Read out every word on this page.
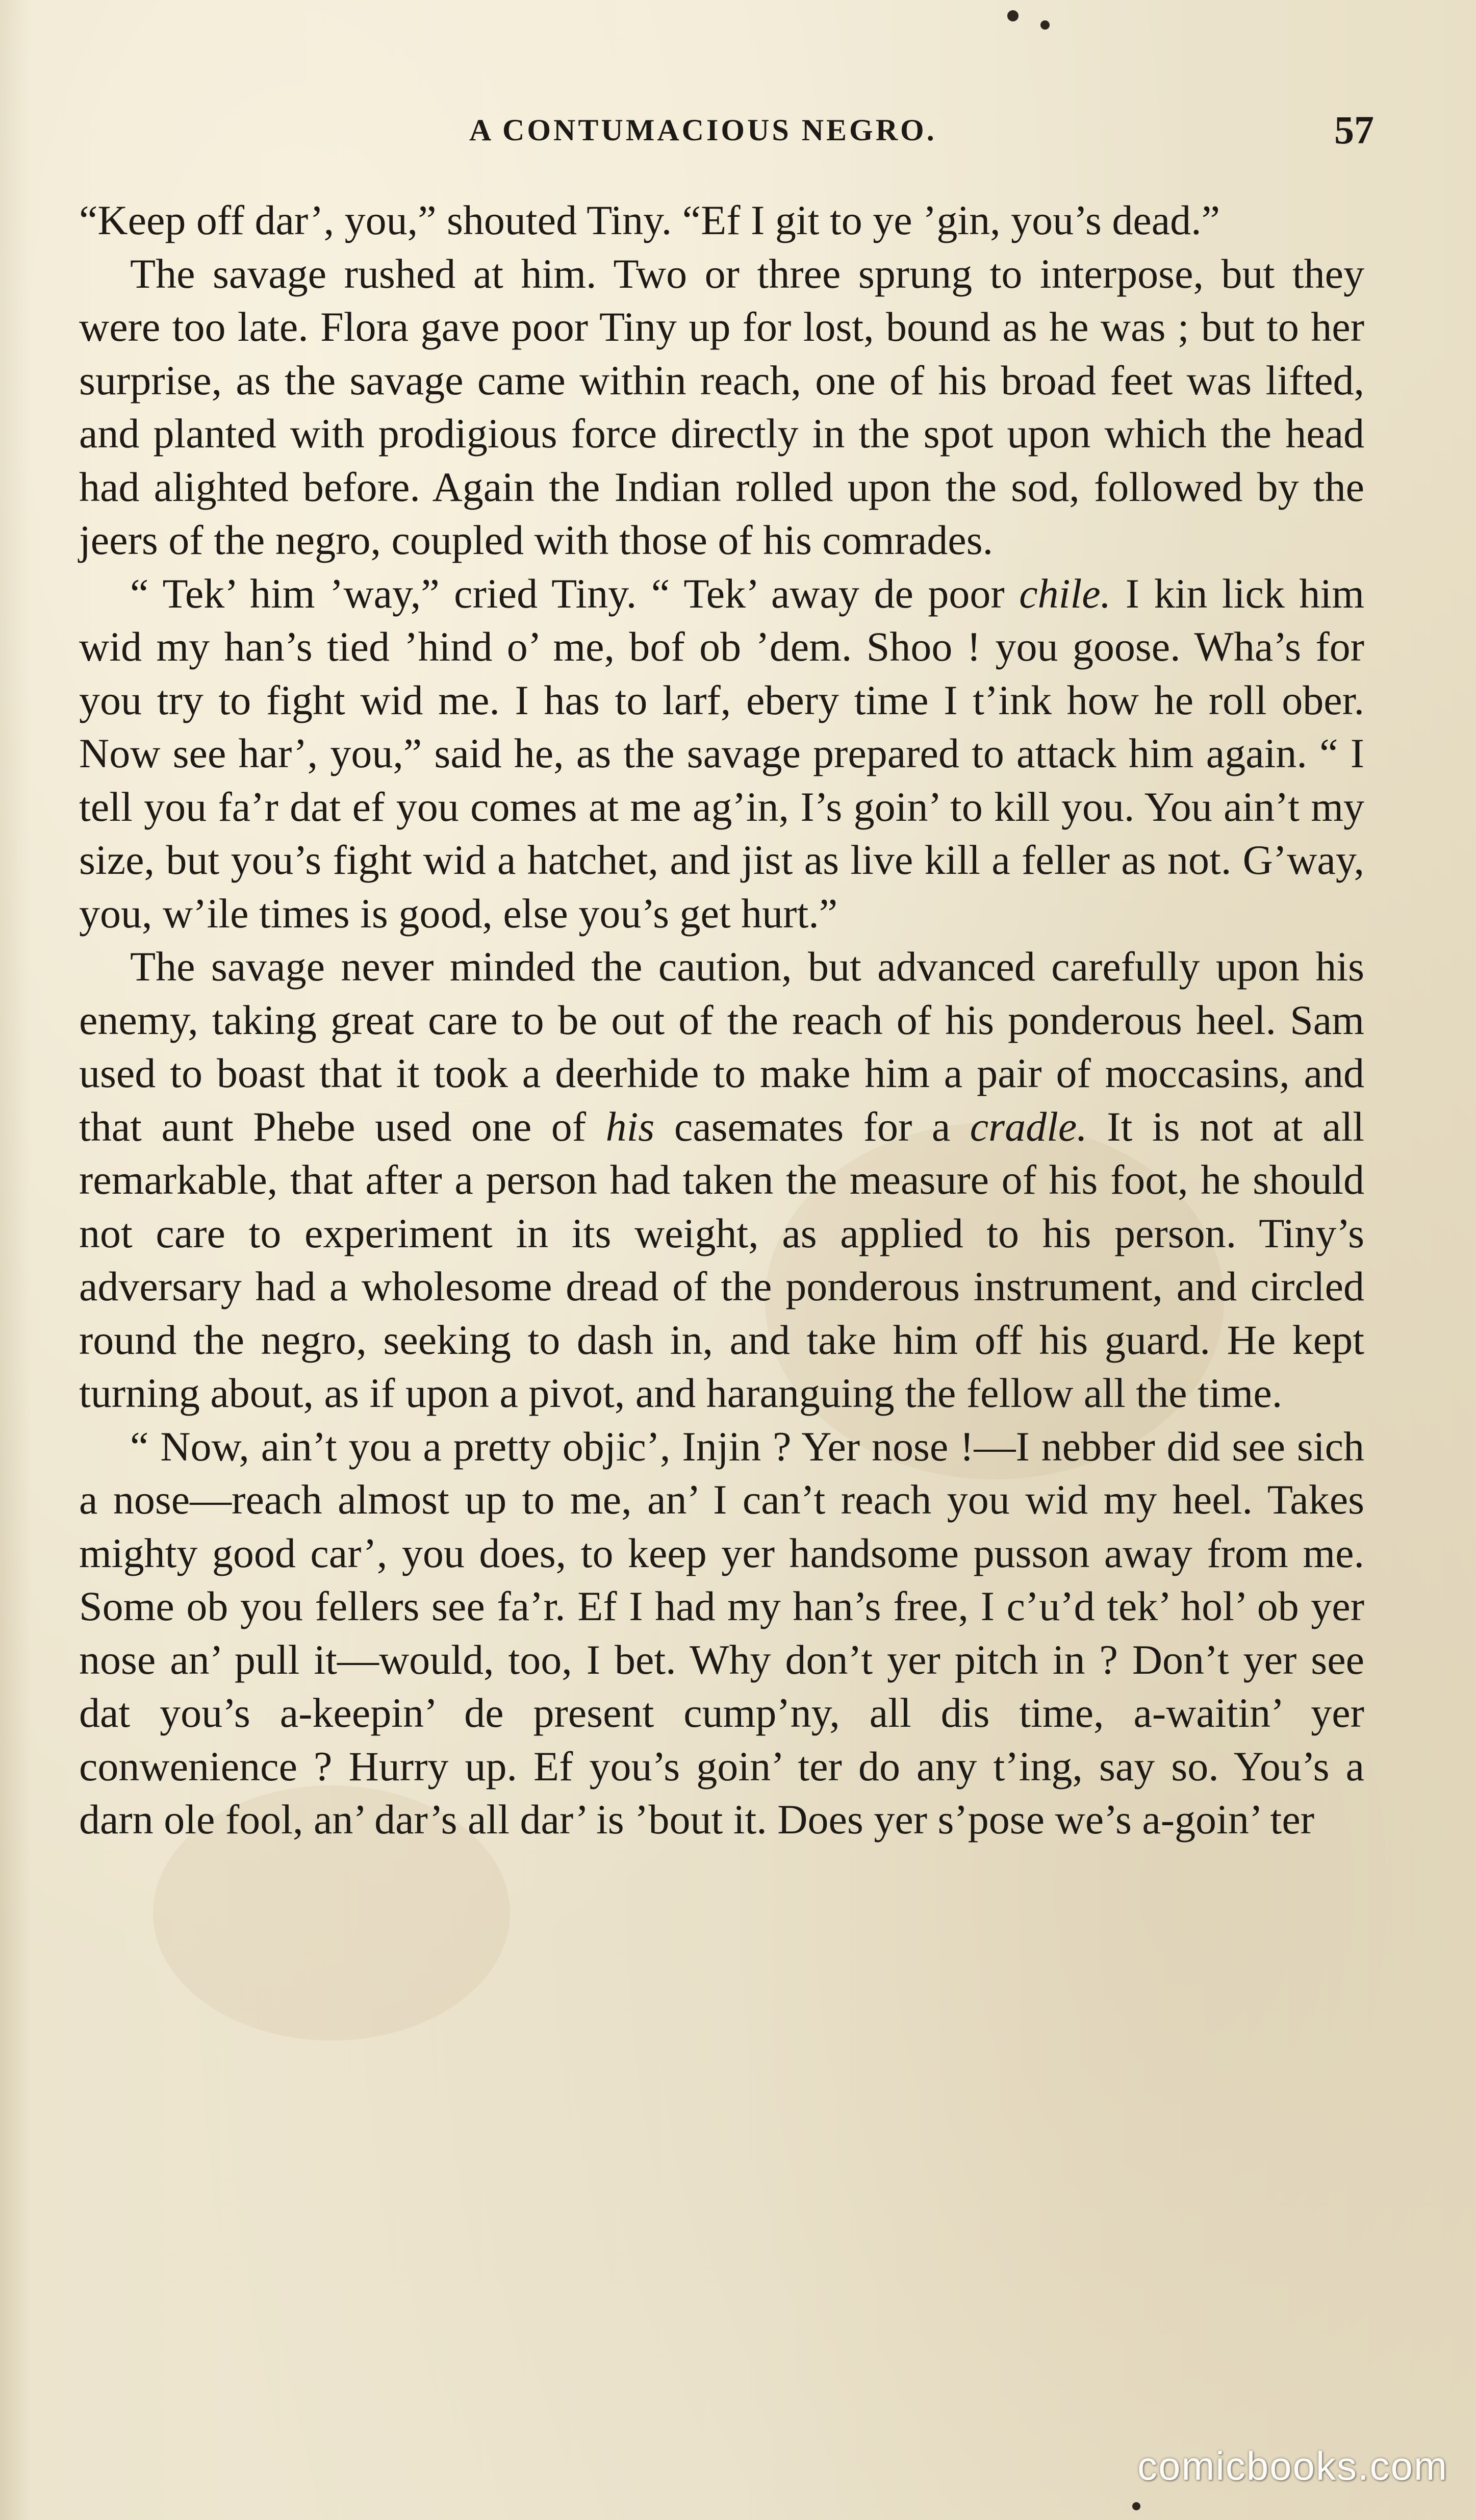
A CONTUMACIOUS NEGRO.	57

“Keep off dar’, you,” shouted Tiny. “Ef I git to ye ’gin, you’s dead.”

The savage rushed at him. Two or three sprung to interpose, but they were too late. Flora gave poor Tiny up for lost, bound as he was ; but to her surprise, as the savage came within reach, one of his broad feet was lifted, and planted with prodigious force directly in the spot upon which the head had alighted before. Again the Indian rolled upon the sod, followed by the jeers of the negro, coupled with those of his comrades.

“ Tek’ him ’way,” cried Tiny. “ Tek’ away de poor chile. I kin lick him wid my han’s tied ’hind o’ me, bof ob ’dem. Shoo ! you goose. Wha’s for you try to fight wid me. I has to larf, ebery time I t’ink how he roll ober. Now see har’, you,” said he, as the savage prepared to attack him again. “ I tell you fa’r dat ef you comes at me ag’in, I’s goin’ to kill you. You ain’t my size, but you’s fight wid a hatchet, and jist as live kill a feller as not. G’way, you, w’ile times is good, else you’s get hurt.”

The savage never minded the caution, but advanced carefully upon his enemy, taking great care to be out of the reach of his ponderous heel. Sam used to boast that it took a deerhide to make him a pair of moccasins, and that aunt Phebe used one of his casemates for a cradle. It is not at all remarkable, that after a person had taken the measure of his foot, he should not care to experiment in its weight, as applied to his person. Tiny’s adversary had a wholesome dread of the ponderous instrument, and circled round the negro, seeking to dash in, and take him off his guard. He kept turning about, as if upon a pivot, and haranguing the fellow all the time.

“ Now, ain’t you a pretty objic’, Injin ? Yer nose !—I nebber did see sich a nose—reach almost up to me, an’ I can’t reach you wid my heel. Takes mighty good car’, you does, to keep yer handsome pusson away from me. Some ob you fellers see fa’r. Ef I had my han’s free, I c’u’d tek’ hol’ ob yer nose an’ pull it—would, too, I bet. Why don’t yer pitch in ? Don’t yer see dat you’s a-keepin’ de present cump’ny, all dis time, a-waitin’ yer conwenience ? Hurry up. Ef you’s goin’ ter do any t’ing, say so. You’s a darn ole fool, an’ dar’s all dar’ is ’bout it. Does yer s’pose we’s a-goin’ ter

comicbooks.com
